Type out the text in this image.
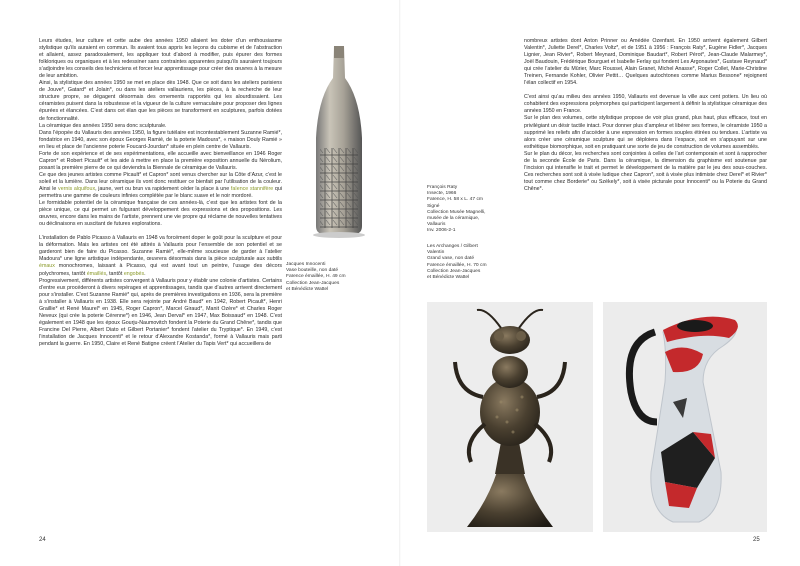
Leurs études, leur culture et cette aube des années 1950 allaient les doter d’un enthousiasme stylistique qu’ils auraient en commun. Ils avaient tous appris les leçons du cubisme et de l’abstraction et allaient, assez paradoxalement, les appliquer tout d’abord à modifier, puis épurer des formes folkloriques ou organiques et à les redessiner sans contraintes apparentes puisqu’ils sauraient toujours s’adjoindre les conseils des techniciens et forcer leur apprentissage pour créer des œuvres à la mesure de leur ambition.

Ainsi, la stylistique des années 1950 se met en place dès 1948. Que ce soit dans les ateliers parisiens de Jouve*, Gatard* et Jolain*, ou dans les ateliers vallauriens, les pièces, à la recherche de leur structure propre, se dégagent désormais des ornements rapportés qui les alourdissaient. Les céramistes puisent dans la robustesse et la vigueur de la culture vernaculaire pour proposer des lignes épurées et élancées. C’est dans cet élan que les pièces se transforment en sculptures, parfois dotées de fonctionnalité.

La céramique des années 1950 sera donc sculpturale.

Dans l’épopée du Vallauris des années 1950, la figure tutélaire est incontestablement Suzanne Ramié*, fondatrice en 1940, avec son époux Georges Ramié, de la poterie Madoura*, « maison Douly Ramié » en lieu et place de l’ancienne poterie Foucard-Jourdan* située en plein centre de Vallauris.

Forte de son expérience et de ses expérimentations, elle accueille avec bienveillance en 1946 Roger Capron* et Robert Picault* et les aide à mettre en place la première exposition annuelle du Nérolium, posant la première pierre de ce qui deviendra la Biennale de céramique de Vallauris.

Ce que des jeunes artistes comme Picault* et Capron* sont venus chercher sur la Côte d’Azur, c’est le soleil et la lumière. Dans leur céramique ils vont donc restituer ce bienfait par l’utilisation de la couleur. Ainsi le vernis alquifoux, jaune, vert ou brun va rapidement céder la place à une faïence stannifère qui permettra une gamme de couleurs infinies complétée par le blanc suave et le noir mordoré.

Le formidable potentiel de la céramique française de ces années-là, c’est que les artistes font de la pièce unique, ce qui permet un fulgurant développement des expressions et des propositions. Les œuvres, encore dans les mains de l’artiste, prennent une vie propre qui réclame de nouvelles tentatives ou déclinaisons en suscitant de futures explorations.

L’installation de Pablo Picasso à Vallauris en 1948 va forcément doper le goût pour la sculpture et pour la déformation. Mais les artistes ont été attirés à Vallauris pour l’ensemble de son potentiel et se garderont bien de faire du Picasso. Suzanne Ramié*, elle-même soucieuse de garder à l’atelier Madoura* une ligne artistique indépendante, œuvrera désormais dans la pièce sculpturale aux subtils émaux monochromes, laissant à Picasso, qui est avant tout un peintre, l’usage des décors polychromes, tantôt émaillés, tantôt engobés.

Progressivement, différents artistes convergent à Vallauris pour y établir une colonie d’artistes. Certains d’entre eux procéderont à divers repérages et apprentissages, tandis que d’autres arrivent directement pour s’installer. C’est Suzanne Ramié* qui, après de premières investigations en 1936, sera la première à s’installer à Vallauris en 1938. Elle sera rejointe par André Baud* en 1942, Robert Picault*, Henri Graillie* et René Maurel* en 1945, Roger Capron*, Marcel Giraud*, Manit Ozère* et Charles Roger Neveux (qui crée la poterie Cérenne*) en 1946, Jean Derval* en 1947, Max Boissaud* en 1948. C’est également en 1948 que les époux Gourju-Naumovitch fondent la Poterie du Grand Chêne*, tandis que Francine Del Pierre, Albert Diato et Gilbert Portanier* fondent l’atelier du Tryptique*. En 1949, c’est l’installation de Jacques Innocenti* et le retour d’Alexandre Kostanda*, formé à Vallauris mais parti pendant la guerre. En 1950, Claire et René Batigne créent l’Atelier du Tapis Vert* qui accueillera de

Jacques Innocenti
Vase bouteille, non daté
Faïence émaillée, H. 49 cm
Collection Jean-Jacques
et Bénédicte Wattel
François Raty
Insecte, 1966
Faïence, H. 58 x L. 47 cm
Signé
Collection Musée Magnelli,
musée de la céramique,
Vallauris
Inv. 2006-2-1
Les Archanges / Gilbert
Valentin
Grand vase, non daté
Faïence émaillée, H. 70 cm
Collection Jean-Jacques
et Bénédicte Wattel
24

nombreux artistes dont Anton Prinner ou Amédée Ozenfant. En 1950 arrivent également Gilbert Valentin*, Juliette Derel*, Charles Voltz*, et de 1951 à 1956 : François Raty*, Eugène Fidler*, Jacques Lignier, Jean Rivier*, Robert Meynard, Dominique Baudart*, Robert Pérot*, Jean-Claude Malarmey*, Joël Baudouin, Frédérique Bourguet et Isabelle Ferlay qui fondent Les Argonautes*, Gustave Reynaud* qui crée l’atelier du Mûrier, Marc Roussel, Alain Granet, Michel Anasse*, Roger Collet, Marie-Christine Treinen, Fernande Kohler, Olivier Pettit… Quelques autochtones comme Marius Bessone* rejoignent l’élan collectif en 1954.

C’est ainsi qu’au milieu des années 1950, Vallauris est devenue la ville aux cent potiers. Un lieu où cohabitent des expressions polymorphes qui participent largement à définir la stylistique céramique des années 1950 en France.

Sur le plan des volumes, cette stylistique propose de voir plus grand, plus haut, plus efficace, tout en privilégiant un désir tactile intact. Pour donner plus d’ampleur et libérer ses formes, le céramiste 1950 a supprimé les reliefs afin d’accéder à une expression en formes souples étirées ou tendues. L’artiste va alors créer une céramique sculpture qui se déploiera dans l’espace, soit en s’appuyant sur une esthétique biomorphique, soit en pratiquant une sorte de jeu de construction de volumes assemblés.

Sur le plan du décor, les recherches sont conjointes à celles de l’art contemporain et sont à rapprocher de la seconde École de Paris. Dans la céramique, la dimension du graphisme est soutenue par l’incision qui intensifie le trait et permet le développement de la matière par le jeu des sous-couches. Ces recherches sont soit à visée ludique chez Capron*, soit à visée plus intimiste chez Derel* et Rivier* tout comme chez Borderie* ou Székely*, soit à visée picturale pour Innocenti* ou la Poterie du Grand Chêne*.

25
